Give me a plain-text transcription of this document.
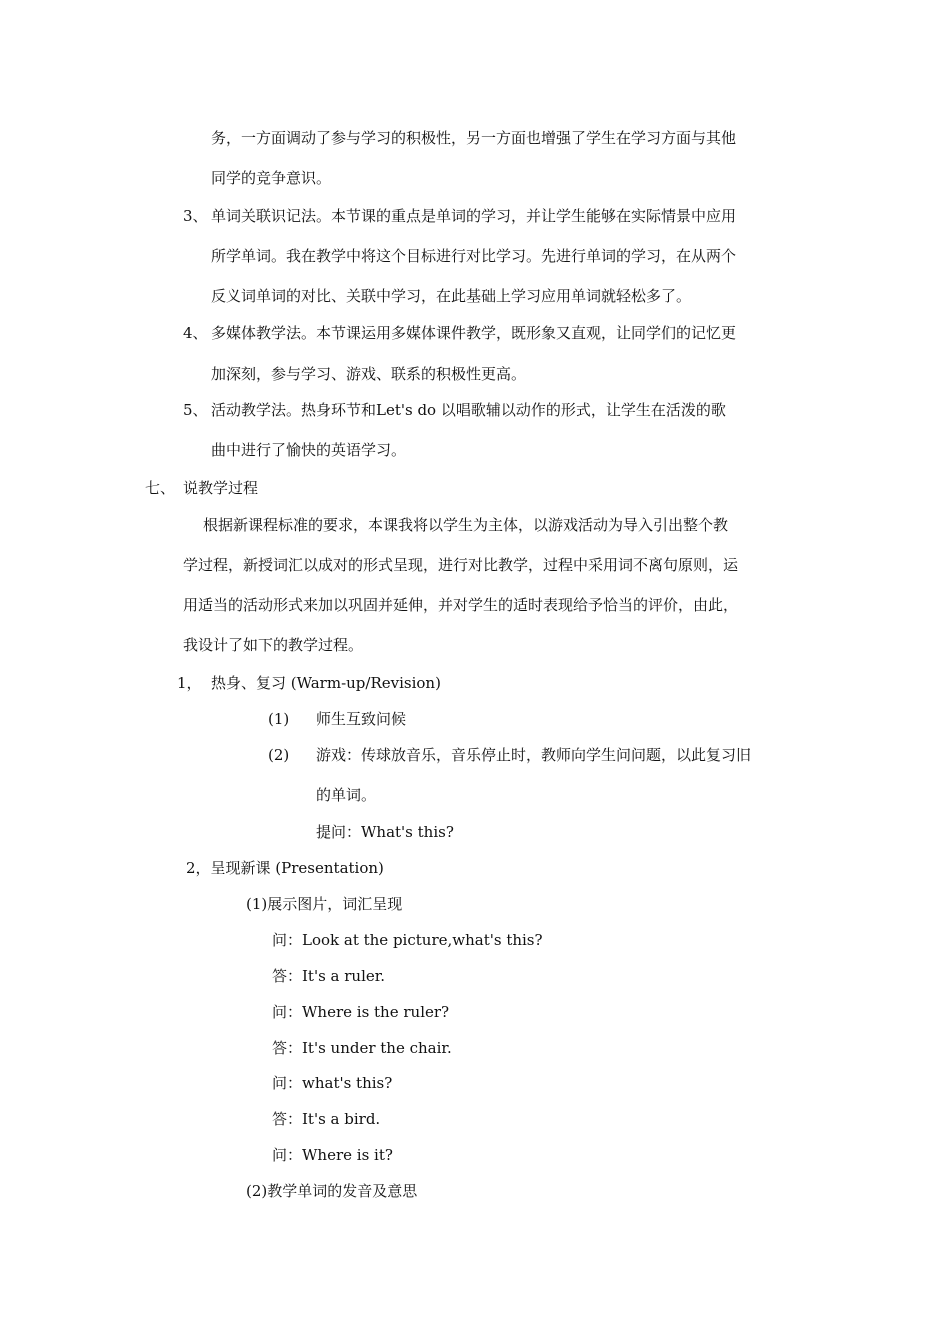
务，一方面调动了参与学习的积极性，另一方面也增强了学生在学习方面与其他
同学的竞争意识。
3、 单词关联识记法。本节课的重点是单词的学习，并让学生能够在实际情景中应用
所学单词。我在教学中将这个目标进行对比学习。先进行单词的学习，在从两个
反义词单词的对比、关联中学习，在此基础上学习应用单词就轻松多了。
4、 多媒体教学法。本节课运用多媒体课件教学，既形象又直观，让同学们的记忆更
加深刻，参与学习、游戏、联系的积极性更高。
5、 活动教学法。热身环节和Let's do 以唱歌辅以动作的形式，让学生在活泼的歌
曲中进行了愉快的英语学习。
七、 说教学过程
根据新课程标准的要求，本课我将以学生为主体，以游戏活动为导入引出整个教
学过程，新授词汇以成对的形式呈现，进行对比教学，过程中采用词不离句原则，运
用适当的活动形式来加以巩固并延伸，并对学生的适时表现给予恰当的评价，由此，
我设计了如下的教学过程。
1， 热身、复习 (Warm-up/Revision)
(1) 师生互致问候
(2) 游戏：传球放音乐，音乐停止时，教师向学生问问题，以此复习旧
的单词。
提问：What's this?
2，呈现新课 (Presentation)
(1)展示图片，词汇呈现
问：Look at the picture,what's this?
答：It's a ruler.
问：Where is the ruler?
答：It's under the chair.
问：what's this?
答：It's a bird.
问：Where is it?
(2)教学单词的发音及意思
